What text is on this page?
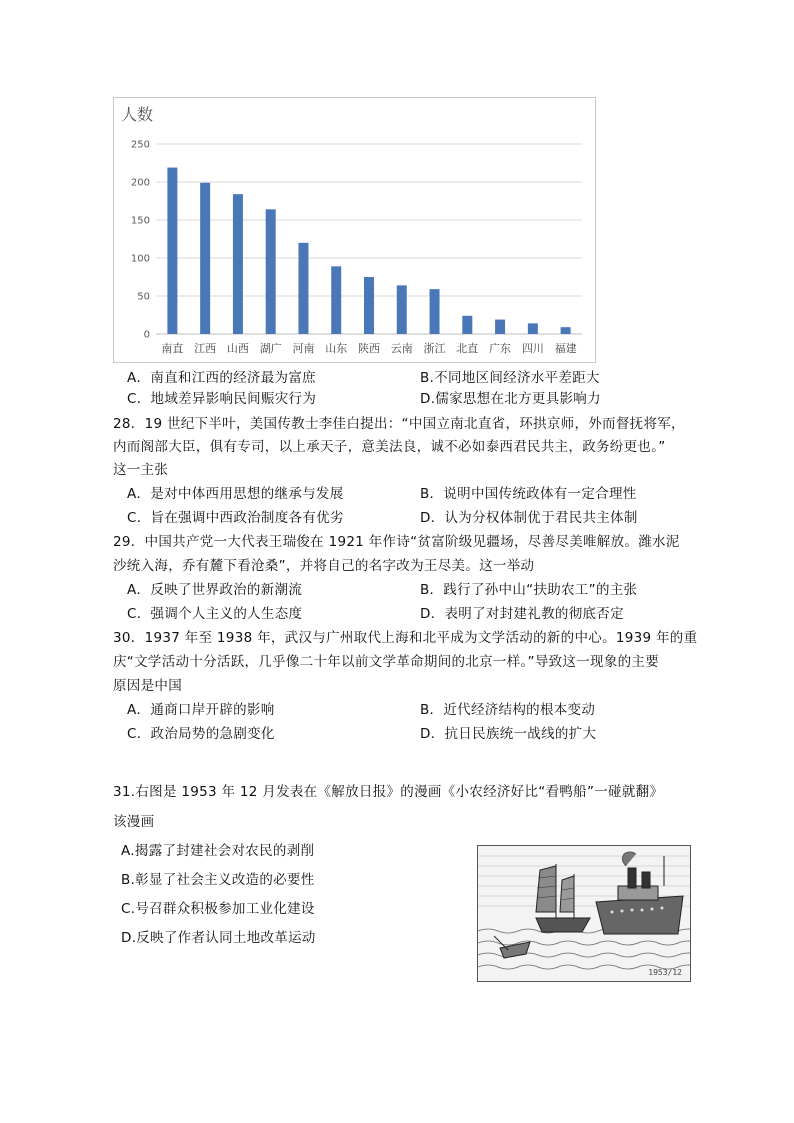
人数
0
50
100
150
200
250
南直 江西 山西 湖广 河南 山东 陕西 云南 浙江 北直 广东 四川 福建
A．南直和江西的经济最为富庶	B.不同地区间经济水平差距大
C．地域差异影响民间赈灾行为	D.儒家思想在北方更具影响力
28．19 世纪下半叶，美国传教士李佳白提出：“中国立南北直省，环拱京师，外而督抚将军，
内而阁部大臣，俱有专司，以上承天子，意美法良，诚不必如泰西君民共主，政务纷更也。”
这一主张
A．是对中体西用思想的继承与发展	B．说明中国传统政体有一定合理性
C．旨在强调中西政治制度各有优劣	D．认为分权体制优于君民共主体制
29．中国共产党一大代表王瑞俊在 1921 年作诗“贫富阶级见疆场，尽善尽美唯解放。潍水泥
沙统入海，乔有麓下看沧桑”，并将自己的名字改为王尽美。这一举动
A．反映了世界政治的新潮流	B．践行了孙中山“扶助农工”的主张
C．强调个人主义的人生态度	D．表明了对封建礼教的彻底否定
30．1937 年至 1938 年，武汉与广州取代上海和北平成为文学活动的新的中心。1939 年的重
庆“文学活动十分活跃，几乎像二十年以前文学革命期间的北京一样。”导致这一现象的主要
原因是中国
A．通商口岸开辟的影响	B．近代经济结构的根本变动
C．政治局势的急剧变化	D．抗日民族统一战线的扩大
31.右图是 1953 年 12 月发表在《解放日报》的漫画《小农经济好比“看鸭船”一碰就翻》
该漫画
A.揭露了封建社会对农民的剥削
B.彰显了社会主义改造的必要性
C.号召群众积极参加工业化建设
D.反映了作者认同土地改革运动
1953/12
